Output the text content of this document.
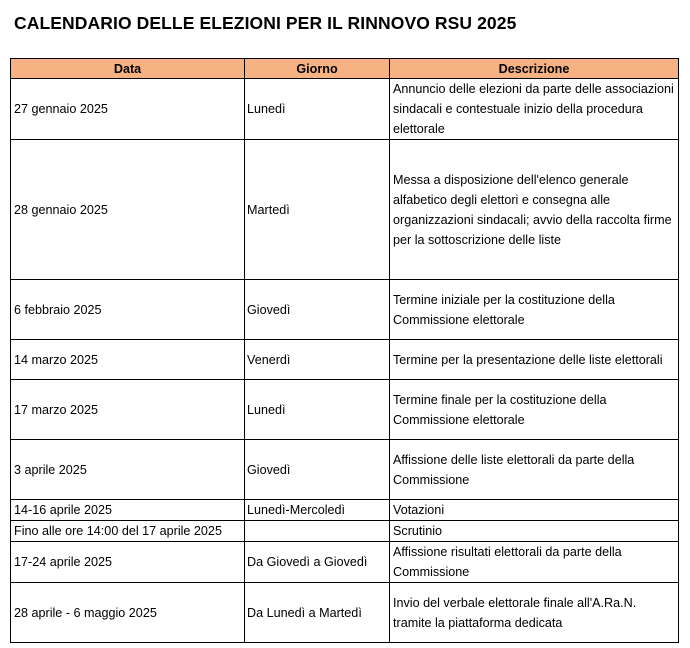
CALENDARIO DELLE ELEZIONI PER IL RINNOVO RSU 2025
Data	Giorno	Descrizione
27 gennaio 2025	Lunedì	Annuncio delle elezioni da parte delle associazioni sindacali e contestuale inizio della procedura elettorale
28 gennaio 2025	Martedì	Messa a disposizione dell'elenco generale alfabetico degli elettori e consegna alle organizzazioni sindacali; avvio della raccolta firme per la sottoscrizione delle liste
6 febbraio 2025	Giovedì	Termine iniziale per la costituzione della Commissione elettorale
14 marzo 2025	Venerdì	Termine per la presentazione delle liste elettorali
17 marzo 2025	Lunedì	Termine finale per la costituzione della Commissione elettorale
3 aprile 2025	Giovedì	Affissione delle liste elettorali da parte della Commissione
14-16 aprile 2025	Lunedì-Mercoledì	Votazioni
Fino alle ore 14:00 del 17 aprile 2025		Scrutinio
17-24 aprile 2025	Da Giovedì a Giovedì	Affissione risultati elettorali da parte della Commissione
28 aprile - 6 maggio 2025	Da Lunedì a Martedì	Invio del verbale elettorale finale all'A.Ra.N. tramite la piattaforma dedicata
